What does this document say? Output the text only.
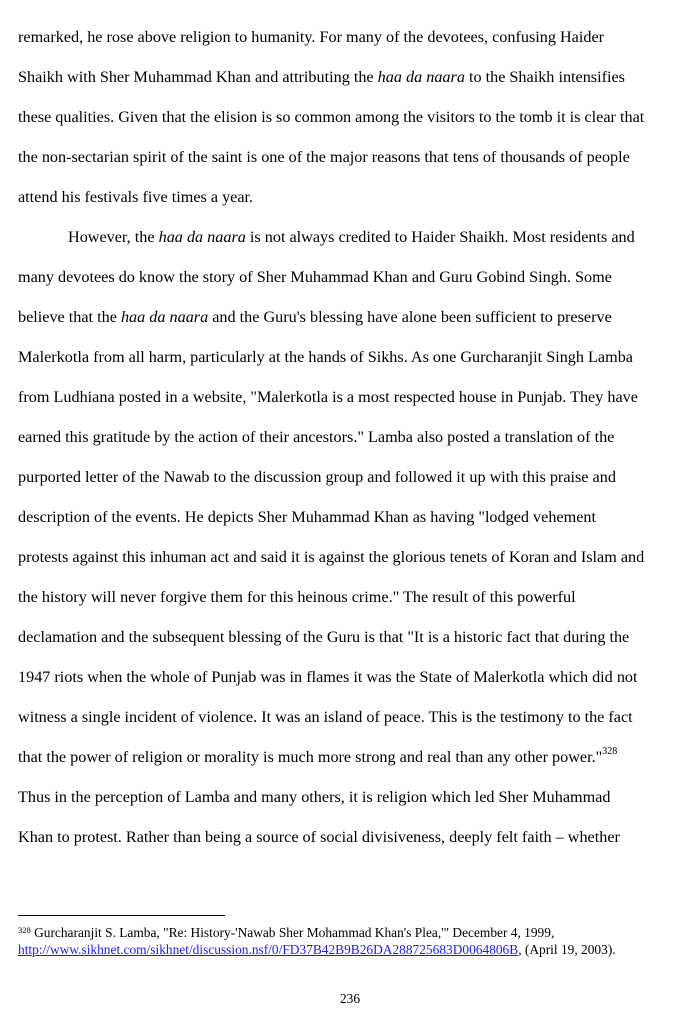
remarked, he rose above religion to humanity. For many of the devotees, confusing Haider
Shaikh with Sher Muhammad Khan and attributing the haa da naara to the Shaikh intensifies
these qualities. Given that the elision is so common among the visitors to the tomb it is clear that
the non-sectarian spirit of the saint is one of the major reasons that tens of thousands of people
attend his festivals five times a year.
However, the haa da naara is not always credited to Haider Shaikh. Most residents and
many devotees do know the story of Sher Muhammad Khan and Guru Gobind Singh. Some
believe that the haa da naara and the Guru's blessing have alone been sufficient to preserve
Malerkotla from all harm, particularly at the hands of Sikhs. As one Gurcharanjit Singh Lamba
from Ludhiana posted in a website, "Malerkotla is a most respected house in Punjab. They have
earned this gratitude by the action of their ancestors." Lamba also posted a translation of the
purported letter of the Nawab to the discussion group and followed it up with this praise and
description of the events. He depicts Sher Muhammad Khan as having "lodged vehement
protests against this inhuman act and said it is against the glorious tenets of Koran and Islam and
the history will never forgive them for this heinous crime." The result of this powerful
declamation and the subsequent blessing of the Guru is that "It is a historic fact that during the
1947 riots when the whole of Punjab was in flames it was the State of Malerkotla which did not
witness a single incident of violence. It was an island of peace. This is the testimony to the fact
that the power of religion or morality is much more strong and real than any other power."$^{328}$
Thus in the perception of Lamba and many others, it is religion which led Sher Muhammad
Khan to protest. Rather than being a source of social divisiveness, deeply felt faith – whether
$^{328}$ Gurcharanjit S. Lamba, "Re: History-'Nawab Sher Mohammad Khan's Plea,'" December 4, 1999,
http://www.sikhnet.com/sikhnet/discussion.nsf/0/FD37B42B9B26DA288725683D0064806B, (April 19, 2003).
236
